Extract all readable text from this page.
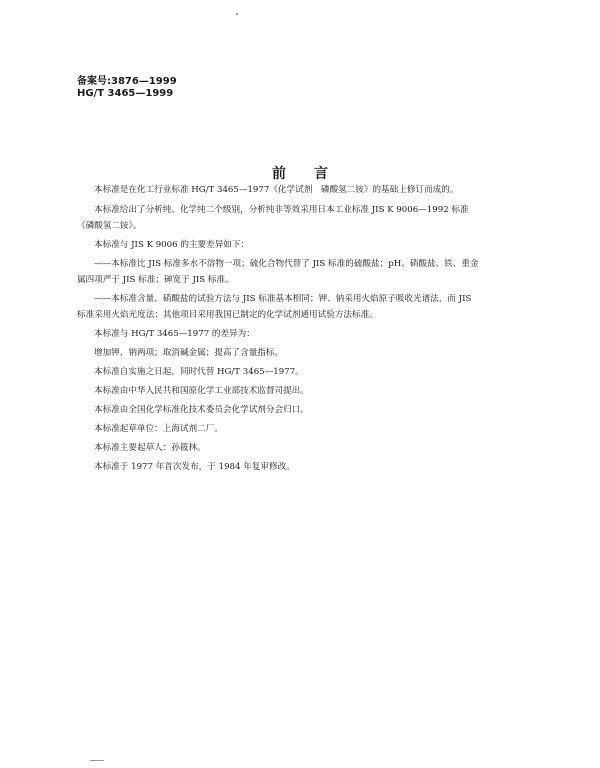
备案号:3876—1999
HG/T 3465—1999
前言
本标准是在化工行业标准 HG/T 3465—1977《化学试剂　磷酸氢二铵》的基础上修订而成的。
本标准给出了分析纯、化学纯二个级别，分析纯非等效采用日本工业标准 JIS K 9006—1992 标准
《磷酸氢二铵》。
本标准与 JIS K 9006 的主要差异如下：
——本标准比 JIS 标准多水不溶物一项；硫化合物代替了 JIS 标准的硫酸盐；pH、硝酸盐、铁、重金
属四项严于 JIS 标准；砷宽于 JIS 标准。
——本标准含量、硝酸盐的试验方法与 JIS 标准基本相同；钾、钠采用火焰原子吸收光谱法，而 JIS
标准采用火焰光度法；其他项目采用我国已制定的化学试剂通用试验方法标准。
本标准与 HG/T 3465—1977 的差异为：
增加钾、钠两项；取消碱金属；提高了含量指标。
本标准自实施之日起，同时代替 HG/T 3465—1977。
本标准由中华人民共和国原化学工业部技术监督司提出。
本标准由全国化学标准化技术委员会化学试剂分会归口。
本标准起草单位：上海试剂二厂。
本标准主要起草人：孙筱林。
本标准于 1977 年首次发布，于 1984 年复审修改。
